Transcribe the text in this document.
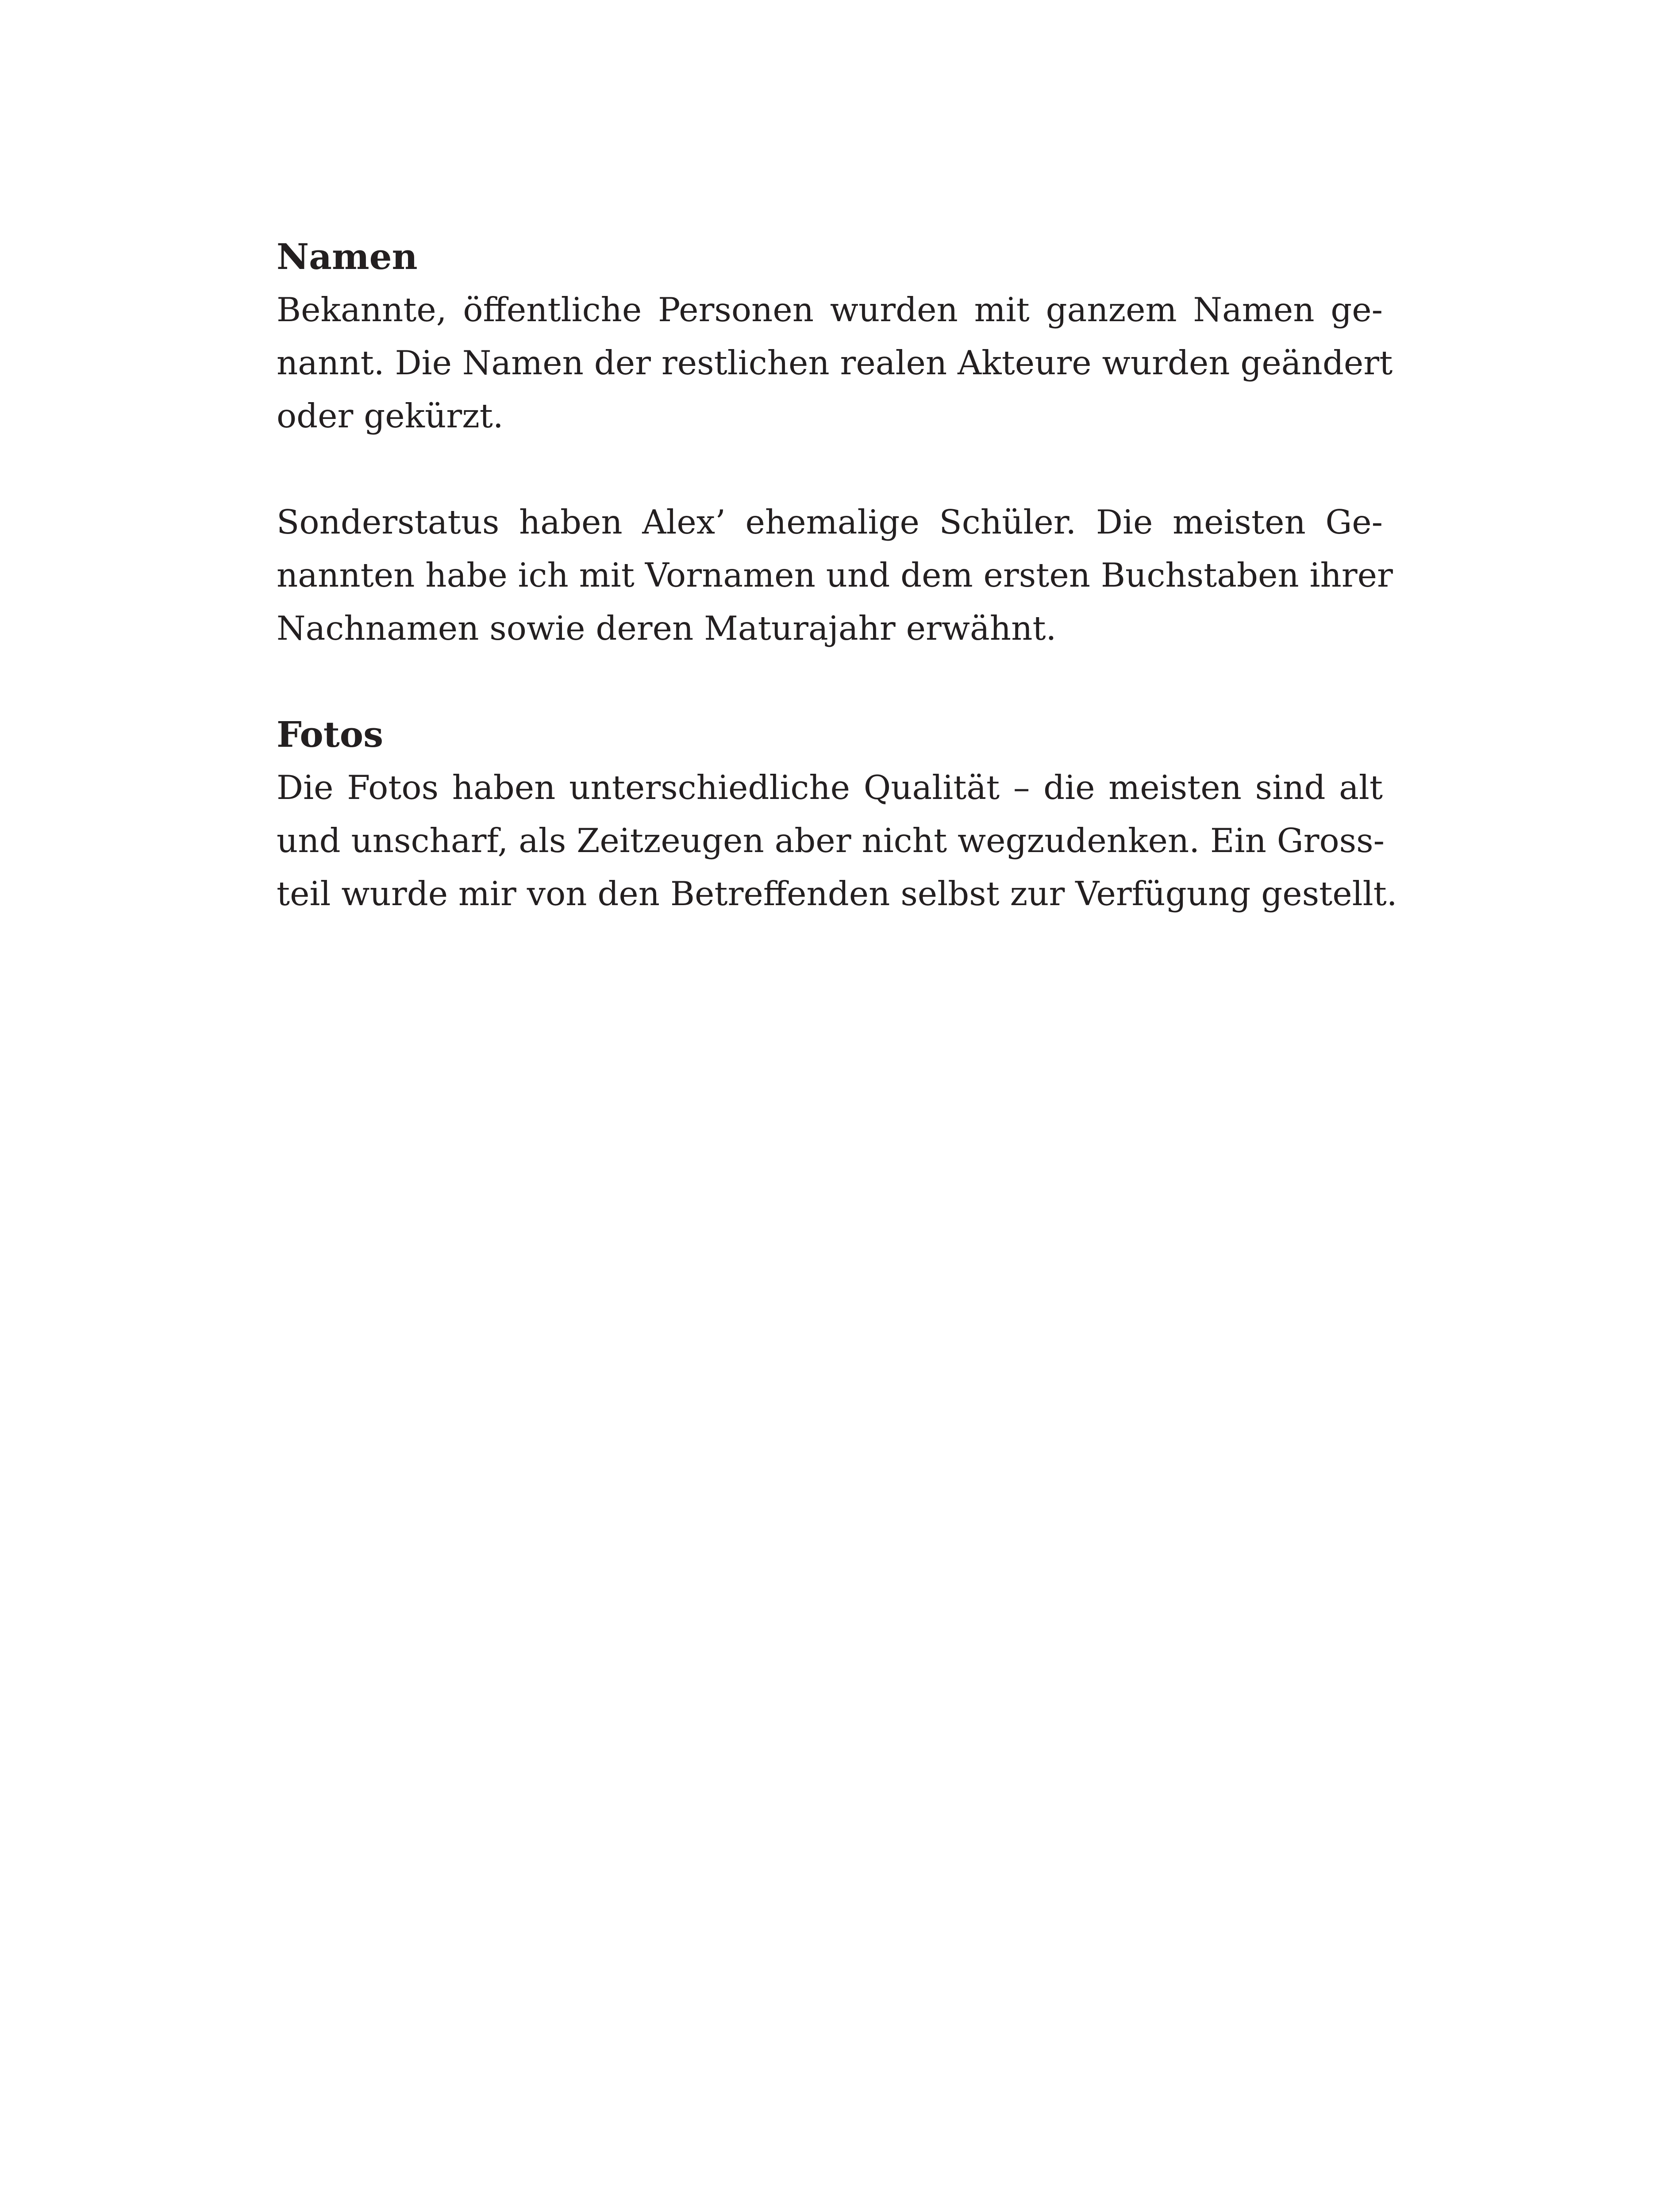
Namen
Bekannte, öffentliche Personen wurden mit ganzem Namen ge-
nannt. Die Namen der restlichen realen Akteure wurden geändert
oder gekürzt.
Sonderstatus haben Alex’ ehemalige Schüler. Die meisten Ge-
nannten habe ich mit Vornamen und dem ersten Buchstaben ihrer
Nachnamen sowie deren Maturajahr erwähnt.
Fotos
Die Fotos haben unterschiedliche Qualität – die meisten sind alt
und unscharf, als Zeitzeugen aber nicht wegzudenken. Ein Gross-
teil wurde mir von den Betreffenden selbst zur Verfügung gestellt.
